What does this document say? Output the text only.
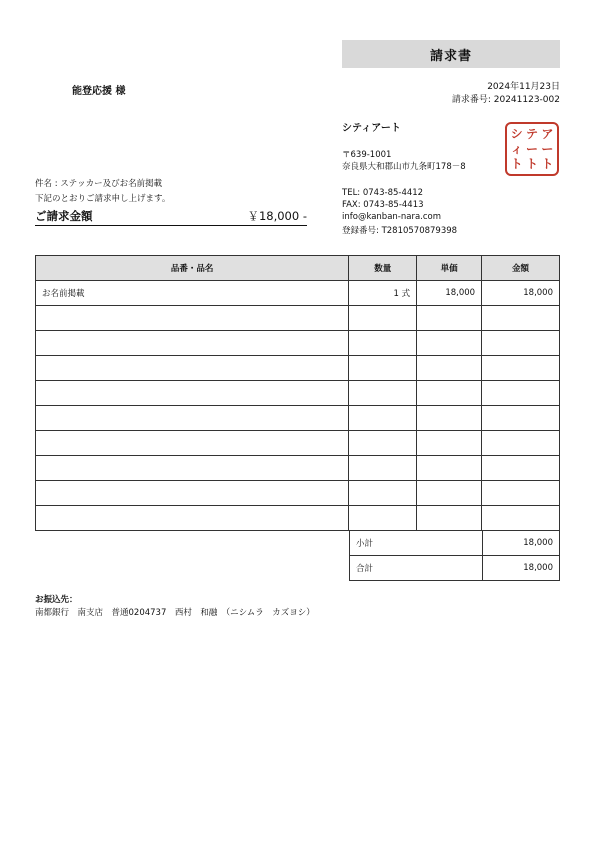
請求書
2024年11月23日
請求番号: 20241123-002
能登応援 様
シティアート
〒639-1001
奈良県大和郡山市九条町178－8
TEL: 0743-85-4412
FAX: 0743-85-4413
info@kanban-nara.com
登録番号: T2810570879398
シ テ ア
ィ ー ー
ト ト ト
件名 : ステッカー及びお名前掲載
下記のとおりご請求申し上げます。
ご請求金額	￥18,000 -
品番・品名	数量	単価	金額
お名前掲載	1 式	18,000	18,000

小計	18,000
合計	18,000
お振込先：
南都銀行　南支店　普通0204737　西村　和融　（ニシムラ　カズヨシ）
